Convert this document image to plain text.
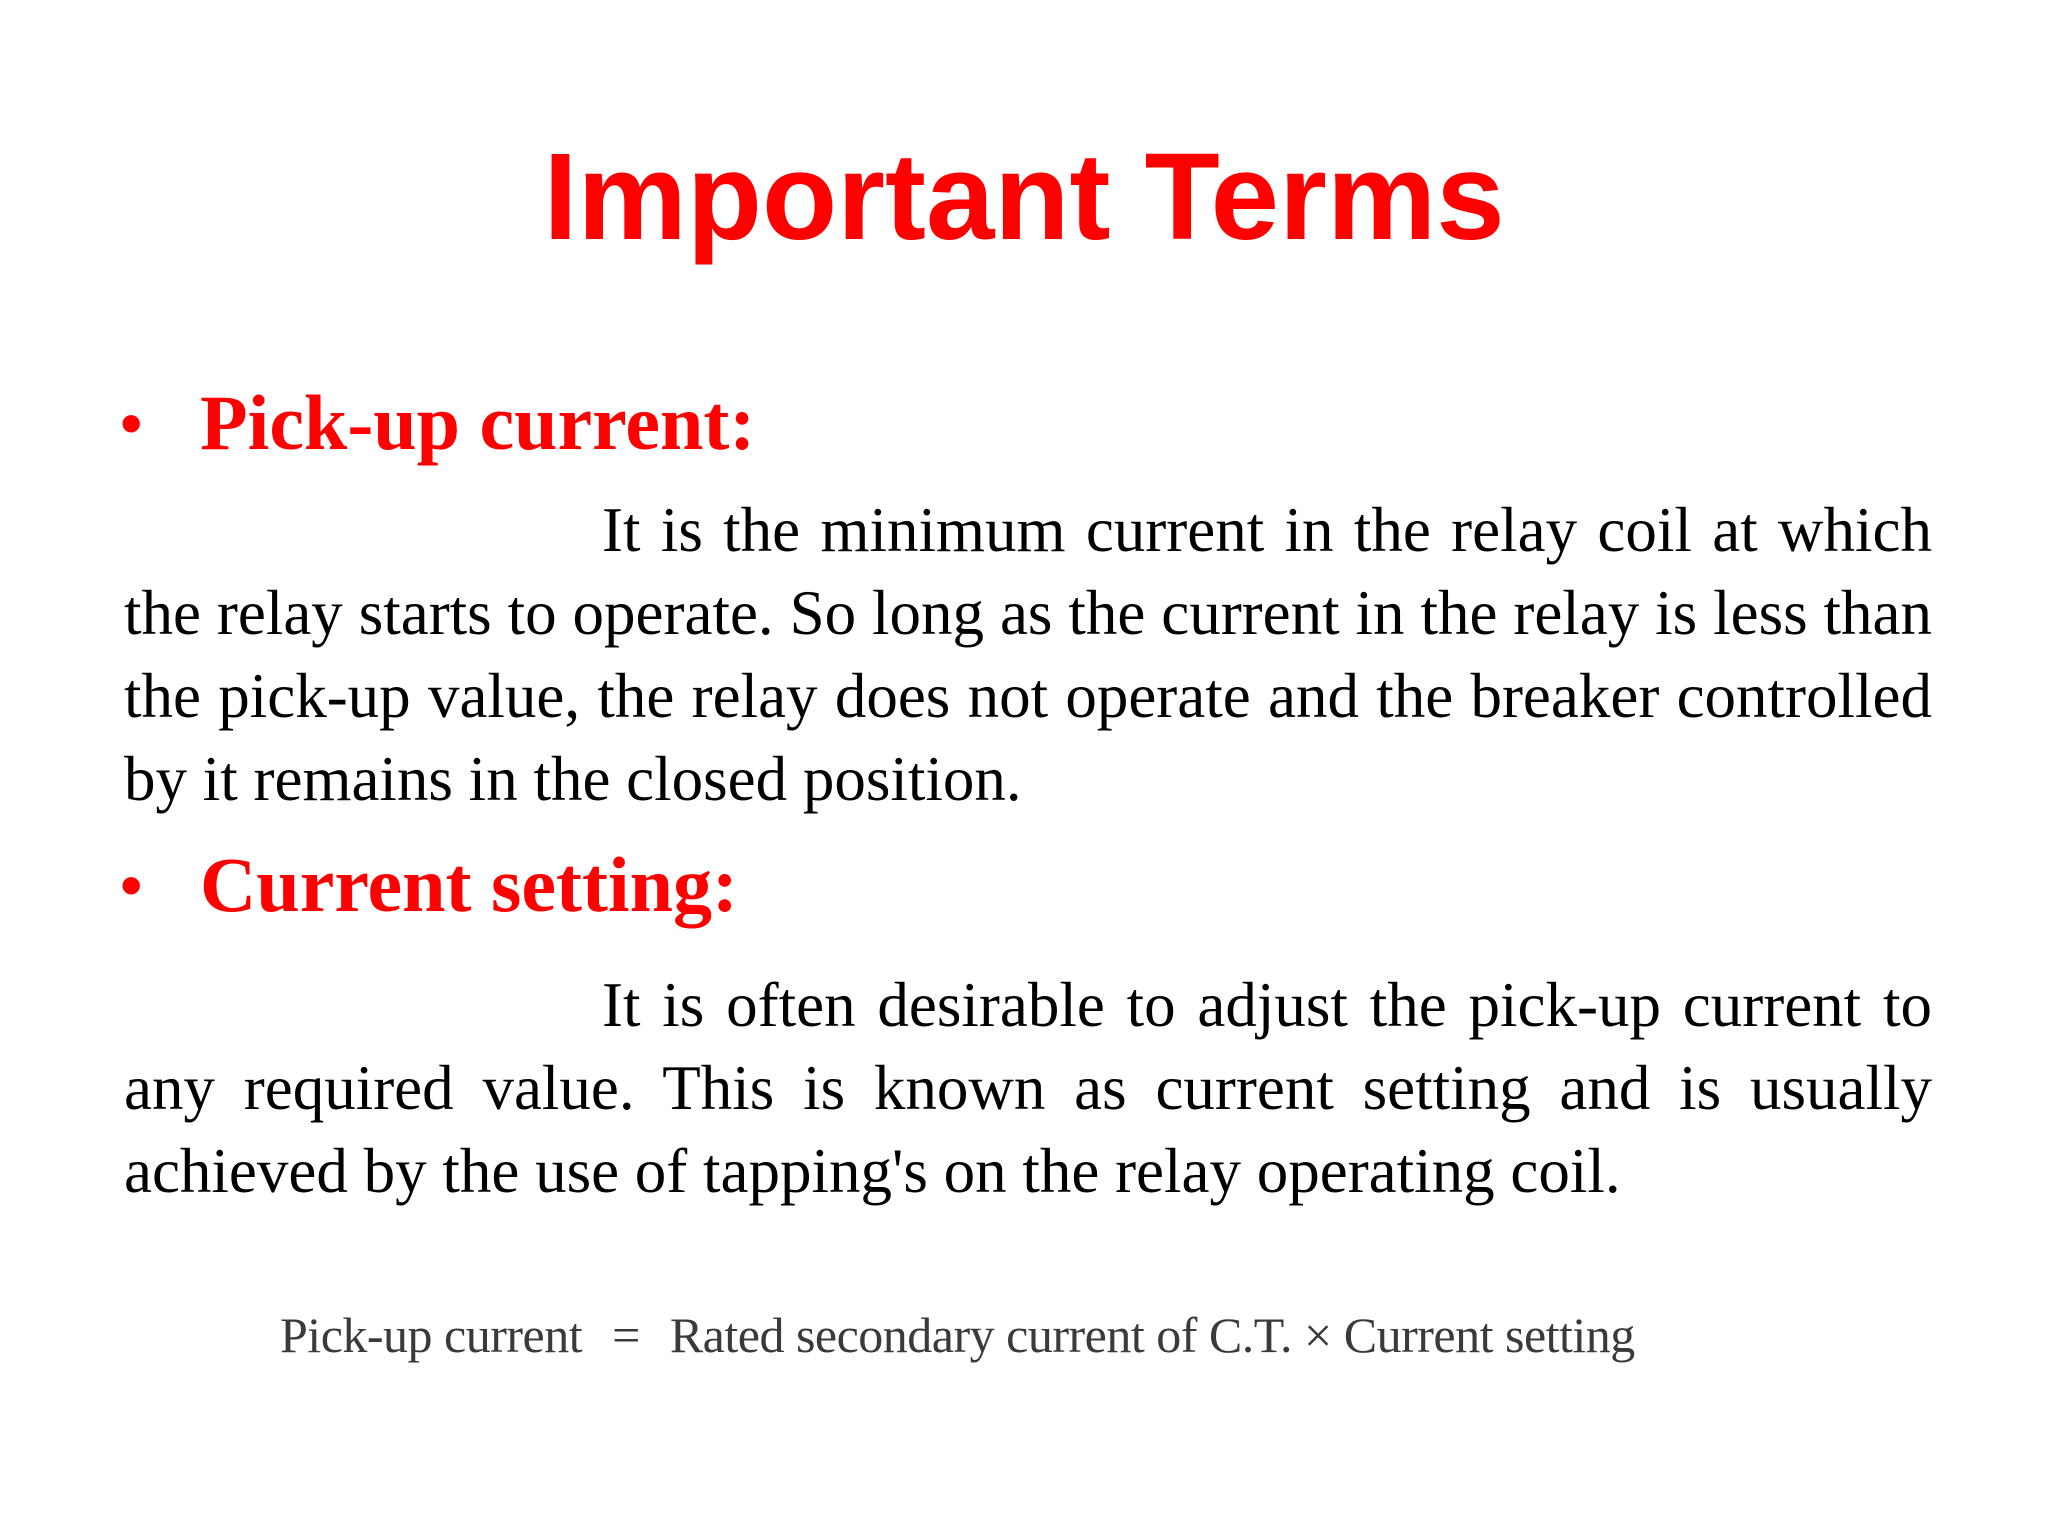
Important Terms
• Pick-up current:

It is the minimum current in the relay coil at which the relay starts to operate. So long as the current in the relay is less than the pick-up value, the relay does not operate and the breaker controlled by it remains in the closed position.

• Current setting:

It is often desirable to adjust the pick-up current to any required value. This is known as current setting and is usually achieved by the use of tapping's on the relay operating coil.

Pick-up current = Rated secondary current of C.T. × Current setting
